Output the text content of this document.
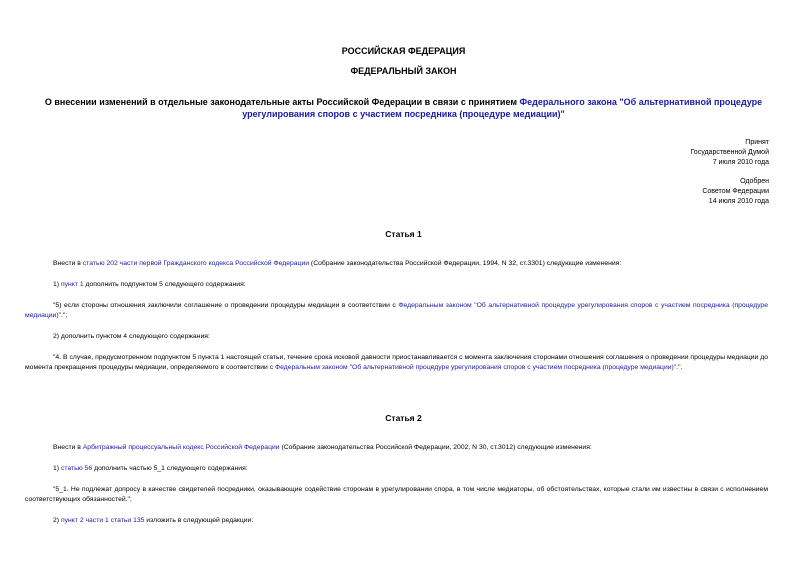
РОССИЙСКАЯ ФЕДЕРАЦИЯ
ФЕДЕРАЛЬНЫЙ ЗАКОН
О внесении изменений в отдельные законодательные акты Российской Федерации в связи с принятием Федерального закона "Об альтернативной процедуре урегулирования споров с участием посредника (процедуре медиации)"
Принят
Государственной Думой
7 июля 2010 года
Одобрен
Советом Федерации
14 июля 2010 года
Статья 1
Внести в статью 202 части первой Гражданского кодекса Российской Федерации (Собрание законодательства Российской Федерации, 1994, N 32, ст.3301) следующие изменения:
1) пункт 1 дополнить подпунктом 5 следующего содержания:
"5) если стороны отношения заключили соглашение о проведении процедуры медиации в соответствии с Федеральным законом "Об альтернативной процедуре урегулирования споров с участием посредника (процедуре медиации)".";
2) дополнить пунктом 4 следующего содержания:
"4. В случае, предусмотренном подпунктом 5 пункта 1 настоящей статьи, течение срока исковой давности приостанавливается с момента заключения сторонами отношения соглашения о проведении процедуры медиации до момента прекращения процедуры медиации, определяемого в соответствии с Федеральным законом "Об альтернативной процедуре урегулирования споров с участием посредника (процедуре медиации)".".
Статья 2
Внести в Арбитражный процессуальный кодекс Российской Федерации (Собрание законодательства Российской Федерации, 2002, N 30, ст.3012) следующие изменения:
1) статью 56 дополнить частью 5_1 следующего содержания:
"5_1. Не подлежат допросу в качестве свидетелей посредники, оказывающие содействие сторонам в урегулировании спора, в том числе медиаторы, об обстоятельствах, которые стали им известны в связи с исполнением соответствующих обязанностей.";
2) пункт 2 части 1 статьи 135 изложить в следующей редакции:
